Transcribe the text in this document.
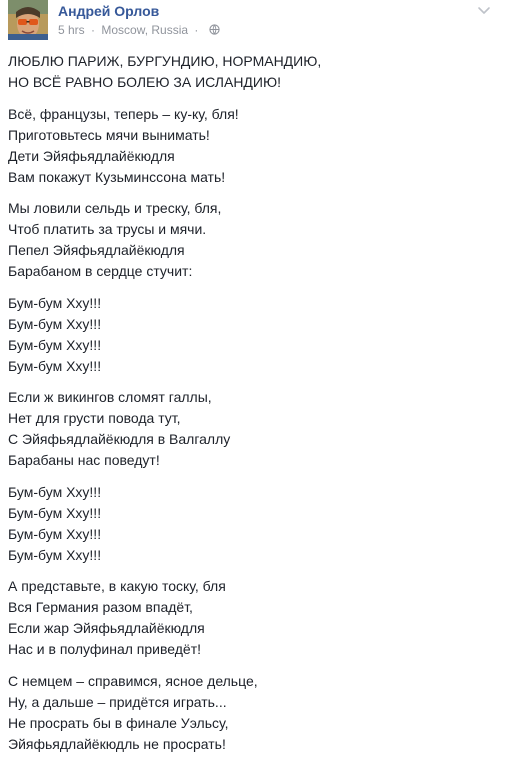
Андрей Орлов
5 hrs · Moscow, Russia ·
ЛЮБЛЮ ПАРИЖ, БУРГУНДИЮ, НОРМАНДИЮ,
НО ВСЁ РАВНО БОЛЕЮ ЗА ИСЛАНДИЮ!
Всё, французы, теперь – ку-ку, бля!
Приготовьтесь мячи вынимать!
Дети Эйяфьядлайёкюдля
Вам покажут Кузьминссона мать!
Мы ловили сельдь и треску, бля,
Чтоб платить за трусы и мячи.
Пепел Эйяфьядлайёкюдля
Барабаном в сердце стучит:
Бум-бум Хху!!!
Бум-бум Хху!!!
Бум-бум Хху!!!
Бум-бум Хху!!!
Если ж викингов сломят галлы,
Нет для грусти повода тут,
С Эйяфьядлайёкюдля в Валгаллу
Барабаны нас поведут!
Бум-бум Хху!!!
Бум-бум Хху!!!
Бум-бум Хху!!!
Бум-бум Хху!!!
А представьте, в какую тоску, бля
Вся Германия разом впадёт,
Если жар Эйяфьядлайёкюдля
Нас и в полуфинал приведёт!
С немцем – справимся, ясное дельце,
Ну, а дальше – придётся играть...
Не просрать бы в финале Уэльсу,
Эйяфьядлайёкюдль не просрать!
